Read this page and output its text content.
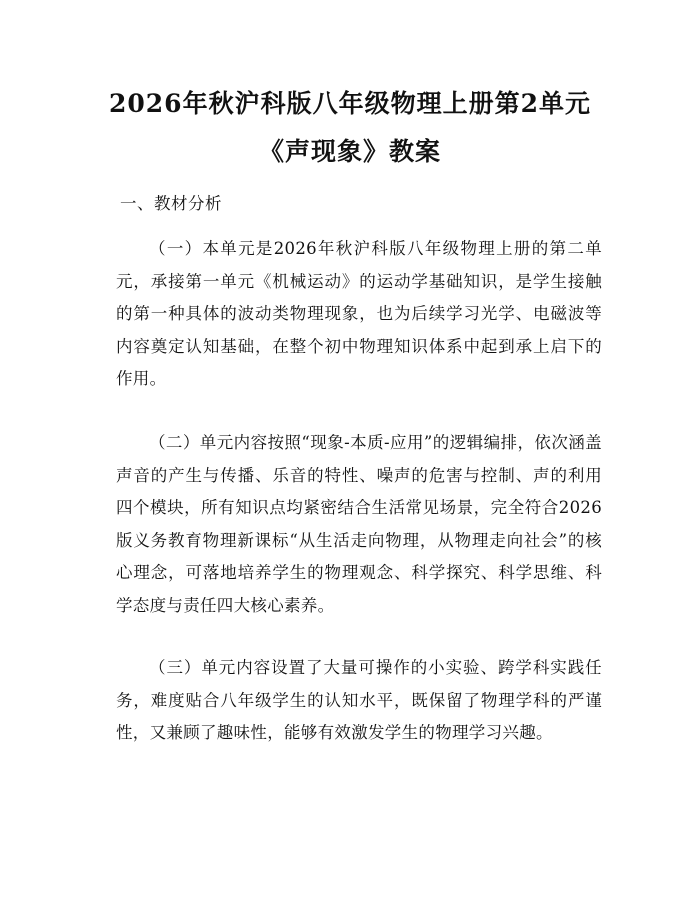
2026年秋沪科版八年级物理上册第2单元
《声现象》教案
一、教材分析

（一）本单元是2026年秋沪科版八年级物理上册的第二单元，承接第一单元《机械运动》的运动学基础知识，是学生接触的第一种具体的波动类物理现象，也为后续学习光学、电磁波等内容奠定认知基础，在整个初中物理知识体系中起到承上启下的作用。

（二）单元内容按照“现象-本质-应用”的逻辑编排，依次涵盖声音的产生与传播、乐音的特性、噪声的危害与控制、声的利用四个模块，所有知识点均紧密结合生活常见场景，完全符合2026版义务教育物理新课标“从生活走向物理，从物理走向社会”的核心理念，可落地培养学生的物理观念、科学探究、科学思维、科学态度与责任四大核心素养。

（三）单元内容设置了大量可操作的小实验、跨学科实践任务，难度贴合八年级学生的认知水平，既保留了物理学科的严谨性，又兼顾了趣味性，能够有效激发学生的物理学习兴趣。
